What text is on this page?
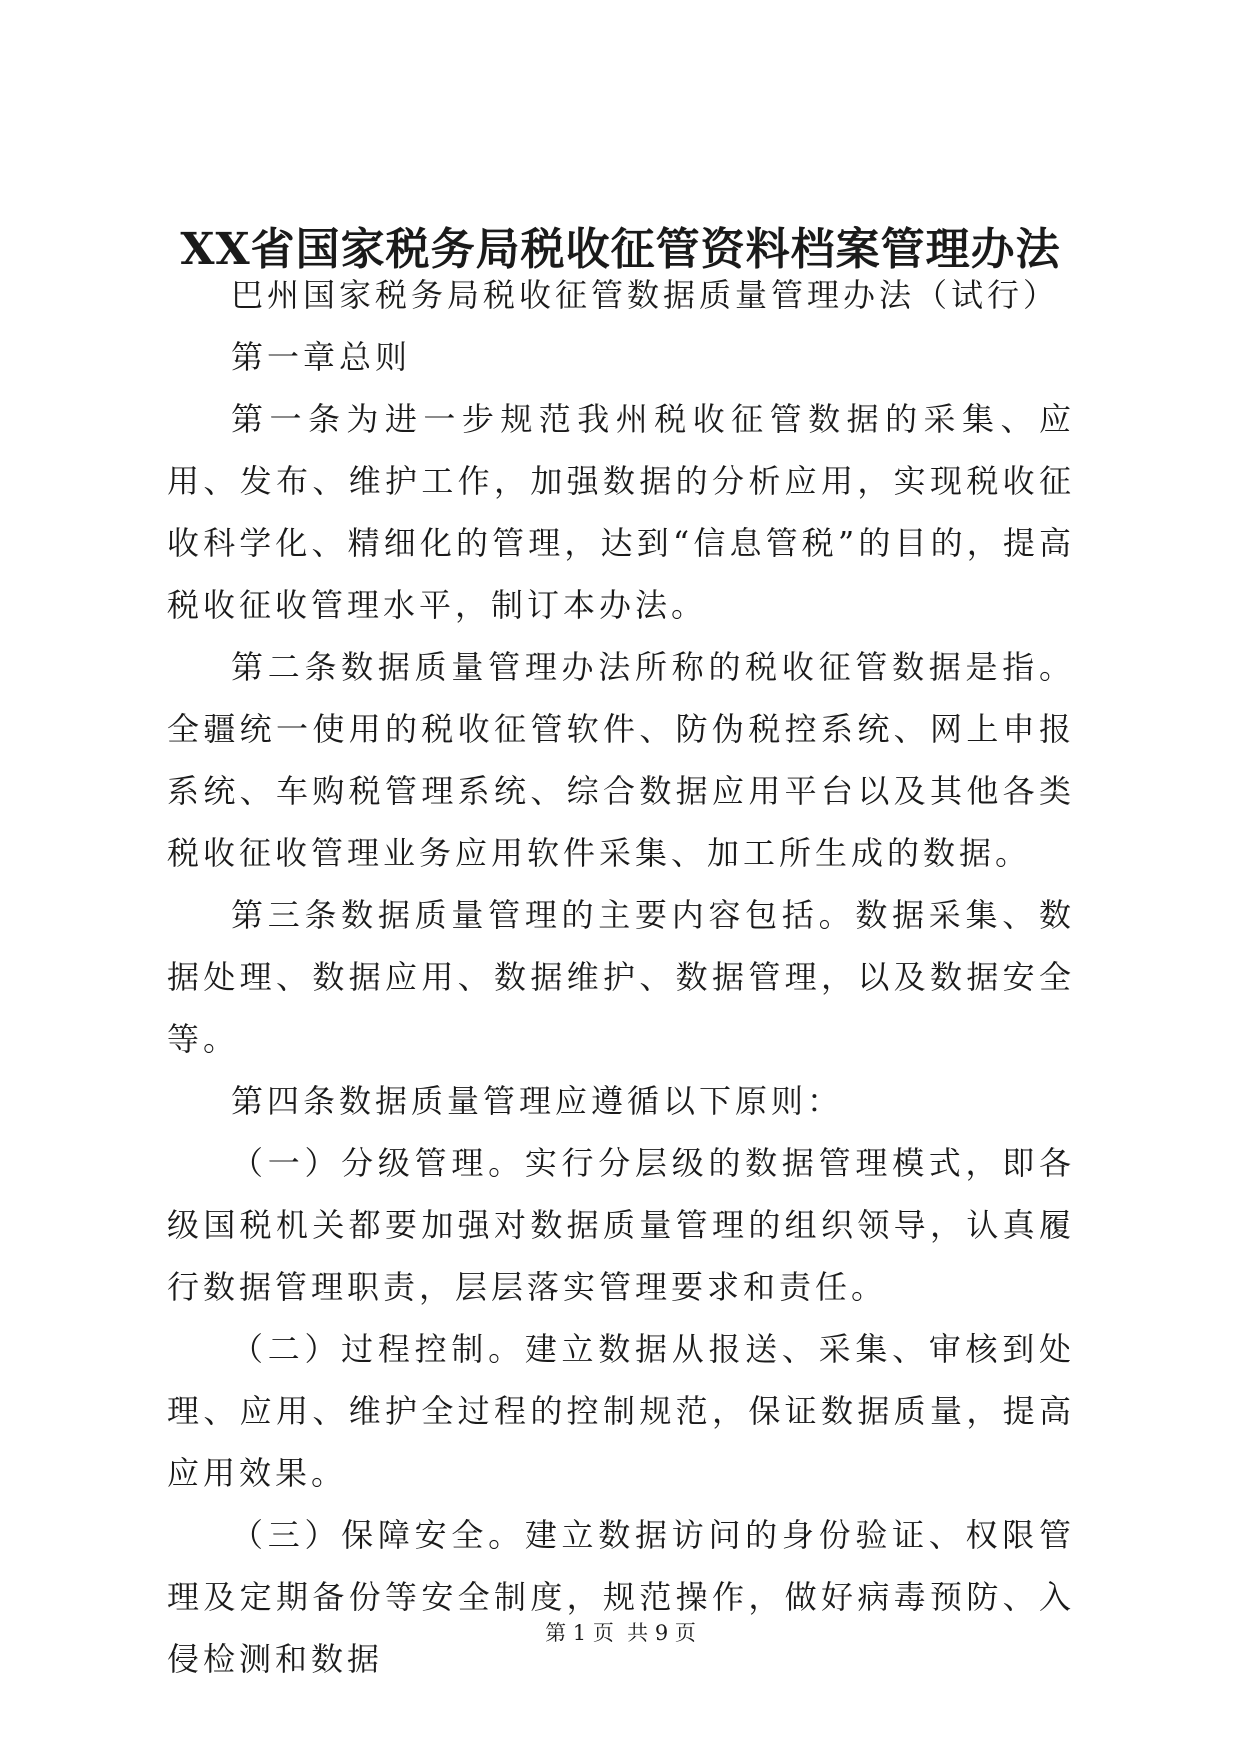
XX省国家税务局税收征管资料档案管理办法

巴州国家税务局税收征管数据质量管理办法（试行）

第一章总则

第一条为进一步规范我州税收征管数据的采集、应用、发布、维护工作，加强数据的分析应用，实现税收征收科学化、精细化的管理，达到“信息管税”的目的，提高税收征收管理水平，制订本办法。

第二条数据质量管理办法所称的税收征管数据是指。全疆统一使用的税收征管软件、防伪税控系统、网上申报系统、车购税管理系统、综合数据应用平台以及其他各类税收征收管理业务应用软件采集、加工所生成的数据。

第三条数据质量管理的主要内容包括。数据采集、数据处理、数据应用、数据维护、数据管理，以及数据安全等。

第四条数据质量管理应遵循以下原则：

（一）分级管理。实行分层级的数据管理模式，即各级国税机关都要加强对数据质量管理的组织领导，认真履行数据管理职责，层层落实管理要求和责任。

（二）过程控制。建立数据从报送、采集、审核到处理、应用、维护全过程的控制规范，保证数据质量，提高应用效果。

（三）保障安全。建立数据访问的身份验证、权限管理及定期备份等安全制度，规范操作，做好病毒预防、入侵检测和数据

第 1 页  共 9 页
